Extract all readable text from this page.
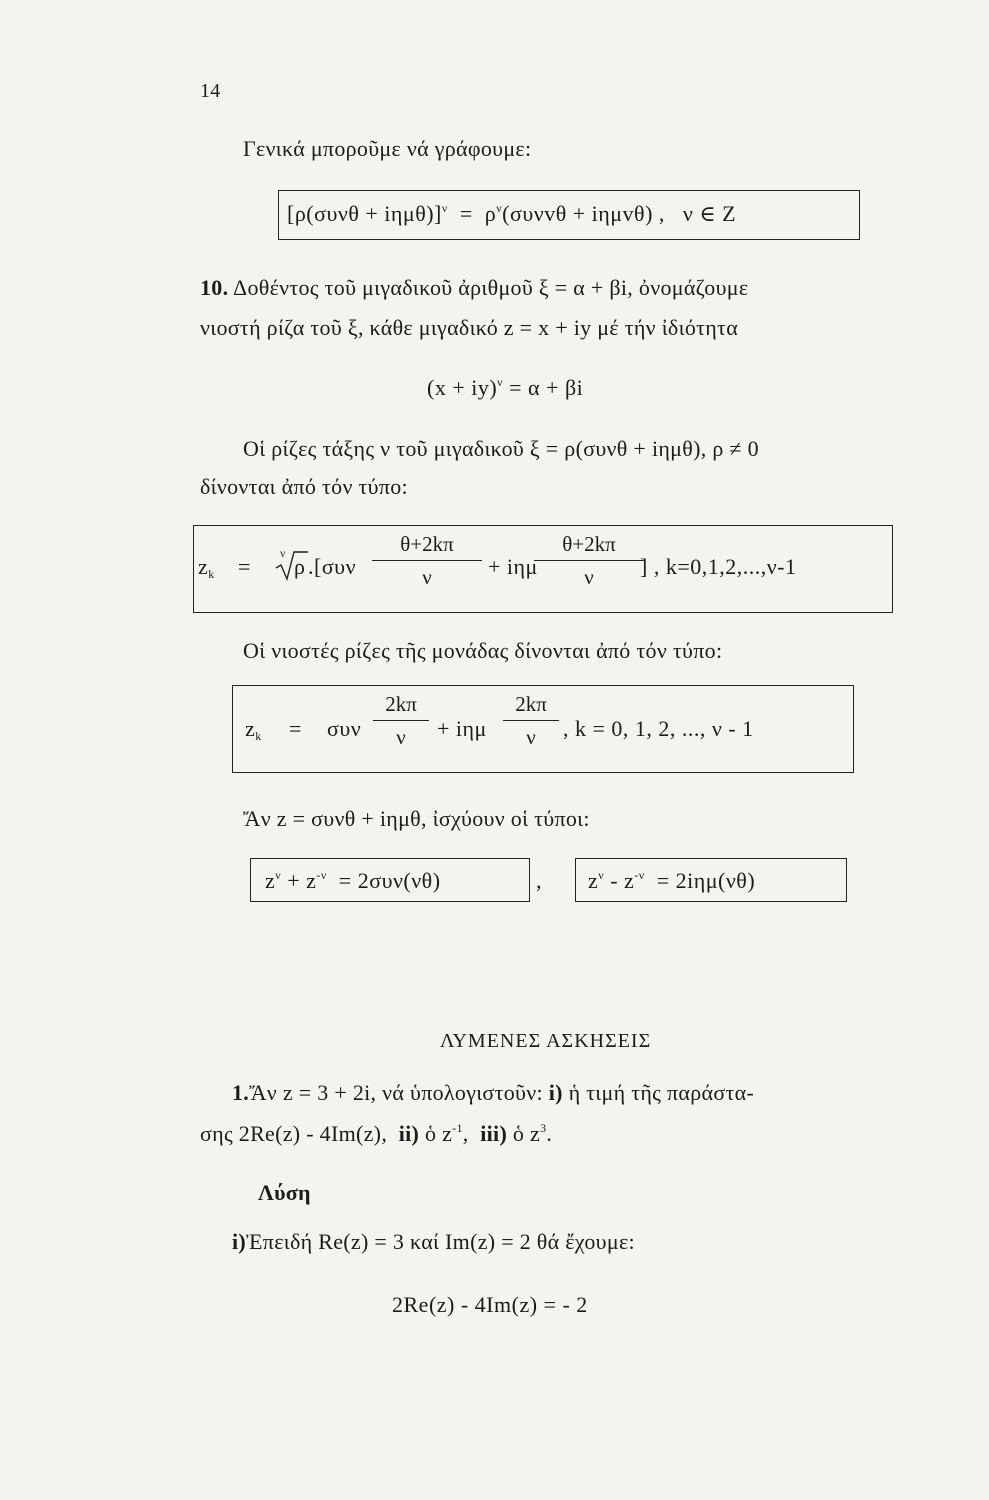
14
Γενικά μποροῦμε νά γράφουμε:
$[\rho(\sigma\upsilon\nu\theta + i\eta\mu\theta)]^\nu = \rho^\nu(\sigma\upsilon\nu v\theta + i\eta\mu v\theta)$ , ν ∈ Z
10. Δοθέντος τοῦ μιγαδικοῦ ἀριθμοῦ ξ = α + βi, ὀνομάζουμε
νιοστή ρίζα τοῦ ξ, κάθε μιγαδικό z = x + iy μέ τήν ἰδιότητα
(x + iy)$^\nu$ = α + βi
Οἱ ρίζες τάξης ν τοῦ μιγαδικοῦ ξ = ρ(συνθ + iημθ), ρ ≠ 0
δίνονται ἀπό τόν τύπο:
$z_k$ =
ν
ρ .[συν
θ+2kπ
ν	+ iημ
θ+2kπ
ν	] , k=0,1,2,...,ν-1
Οἱ νιοστές ρίζες τῆς μονάδας δίνονται ἀπό τόν τύπο:
$z_k = \sigma\upsilon\nu$
2kπ
ν	+ iημ
2kπ
ν	, k = 0, 1, 2, ..., ν - 1
Ἄν z = συνθ + iημθ, ἰσχύουν οἱ τύποι:
$z^\nu + z^{-\nu} = 2\sigma\upsilon\nu(\nu\theta)$	, $z^\nu - z^{-\nu} = 2i\eta\mu(\nu\theta)$
ΛΥΜΕΝΕΣ ΑΣΚΗΣΕΙΣ
1.Ἄν z = 3 + 2i, νά ὑπολογιστοῦν: i) ἡ τιμή τῆς παράστα-
σης 2Re(z) - 4Im(z), ii) ὁ $z^{-1}$, iii) ὁ $z^3$.
Λύση
i)Ἐπειδή Re(z) = 3 καί Im(z) = 2 θά ἔχουμε:
2Re(z) - 4Im(z) = - 2
